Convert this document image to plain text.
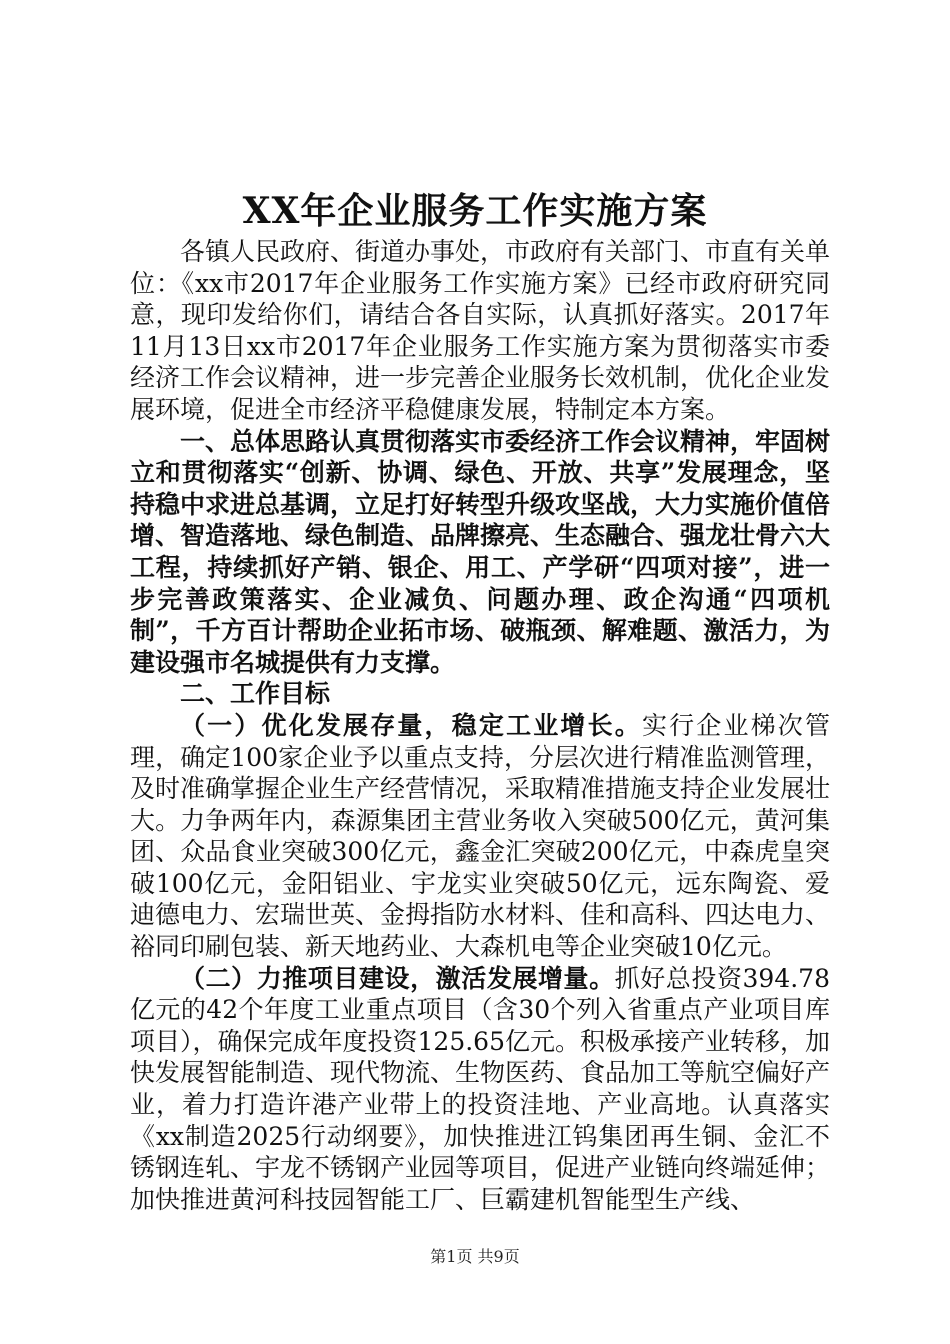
XX年企业服务工作实施方案

各镇人民政府、街道办事处，市政府有关部门、市直有关单位：《xx市2017年企业服务工作实施方案》已经市政府研究同意，现印发给你们，请结合各自实际，认真抓好落实。2017年11月13日xx市2017年企业服务工作实施方案为贯彻落实市委经济工作会议精神，进一步完善企业服务长效机制，优化企业发展环境，促进全市经济平稳健康发展，特制定本方案。

一、总体思路认真贯彻落实市委经济工作会议精神，牢固树立和贯彻落实“创新、协调、绿色、开放、共享”发展理念，坚持稳中求进总基调，立足打好转型升级攻坚战，大力实施价值倍增、智造落地、绿色制造、品牌擦亮、生态融合、强龙壮骨六大工程，持续抓好产销、银企、用工、产学研“四项对接”，进一步完善政策落实、企业减负、问题办理、政企沟通“四项机制”，千方百计帮助企业拓市场、破瓶颈、解难题、激活力，为建设强市名城提供有力支撑。

二、工作目标

（一）优化发展存量，稳定工业增长。实行企业梯次管理，确定100家企业予以重点支持，分层次进行精准监测管理，及时准确掌握企业生产经营情况，采取精准措施支持企业发展壮大。力争两年内，森源集团主营业务收入突破500亿元，黄河集团、众品食业突破300亿元，鑫金汇突破200亿元，中森虎皇突破100亿元，金阳铝业、宇龙实业突破50亿元，远东陶瓷、爱迪德电力、宏瑞世英、金拇指防水材料、佳和高科、四达电力、裕同印刷包装、新天地药业、大森机电等企业突破10亿元。

（二）力推项目建设，激活发展增量。抓好总投资394.78亿元的42个年度工业重点项目（含30个列入省重点产业项目库项目），确保完成年度投资125.65亿元。积极承接产业转移，加快发展智能制造、现代物流、生物医药、食品加工等航空偏好产业，着力打造许港产业带上的投资洼地、产业高地。认真落实《xx制造2025行动纲要》，加快推进江钨集团再生铜、金汇不锈钢连轧、宇龙不锈钢产业园等项目，促进产业链向终端延伸；加快推进黄河科技园智能工厂、巨霸建机智能型生产线、

第1页 共9页
